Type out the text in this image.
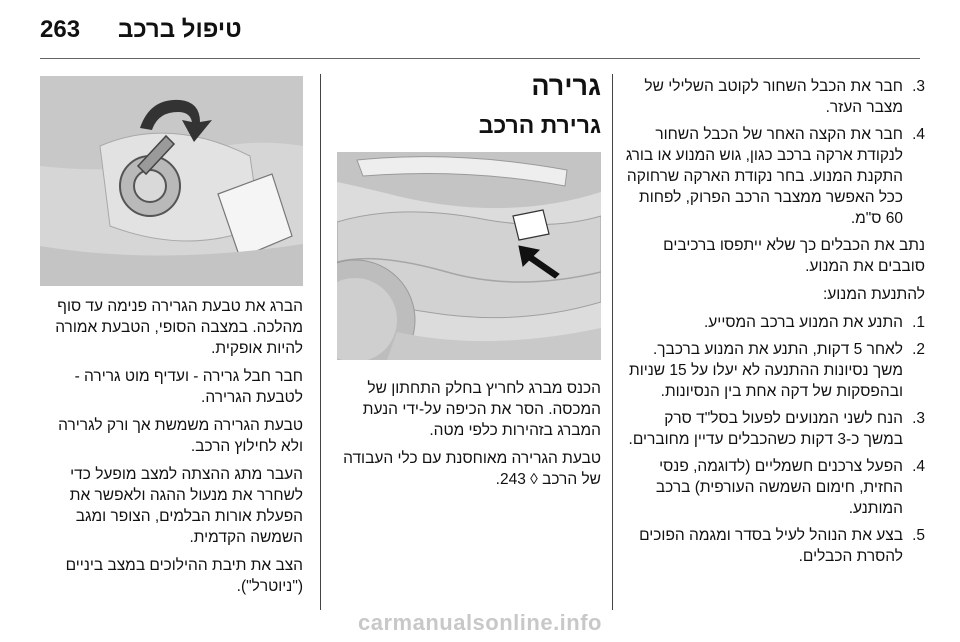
263 טיפול ברכב
3.
חבר את הכבל השחור לקוטב השלילי של מצבר העזר.
4.
חבר את הקצה האחר של הכבל השחור לנקודת ארקה ברכב כגון, גוש המנוע או בורג התקנת המנוע. בחר נקודת הארקה שרחוקה ככל האפשר ממצבר הרכב הפרוק, לפחות 60 ס"מ.

נתב את הכבלים כך שלא ייתפסו ברכיבים סובבים את המנוע.

להתנעת המנוע:

1.
התנע את המנוע ברכב המסייע.
2.
לאחר 5 דקות, התנע את המנוע ברכבך. משך נסיונות ההתנעה לא יעלו על 15 שניות ובהפסקות של דקה אחת בין הנסיונות.
3.
הנח לשני המנועים לפעול בסל"ד סרק במשך כ-3 דקות כשהכבלים עדיין מחוברים.
4.
הפעל צרכנים חשמליים (לדוגמה, פנסי החזית, חימום השמשה העורפית) ברכב המותנע.
5.
בצע את הנוהל לעיל בסדר ומגמה הפוכים להסרת הכבלים.
גרירה
גרירת הרכב

הכנס מברג לחריץ בחלק התחתון של המכסה. הסר את הכיפה על-ידי הנעת המברג בזהירות כלפי מטה.

טבעת הגרירה מאוחסנת עם כלי העבודה של הרכב ◊ 243.

הברג את טבעת הגרירה פנימה עד סוף מהלכה. במצבה הסופי, הטבעת אמורה להיות אופקית.

חבר חבל גרירה - ועדיף מוט גרירה - לטבעת הגרירה.

טבעת הגרירה משמשת אך ורק לגרירה ולא לחילוץ הרכב.

העבר מתג ההצתה למצב מופעל כדי לשחרר את מנעול ההגה ולאפשר את הפעלת אורות הבלמים, הצופר ומגב השמשה הקדמית.

הצב את תיבת ההילוכים במצב ביניים ("ניוטרל").

carmanualsonline.info
